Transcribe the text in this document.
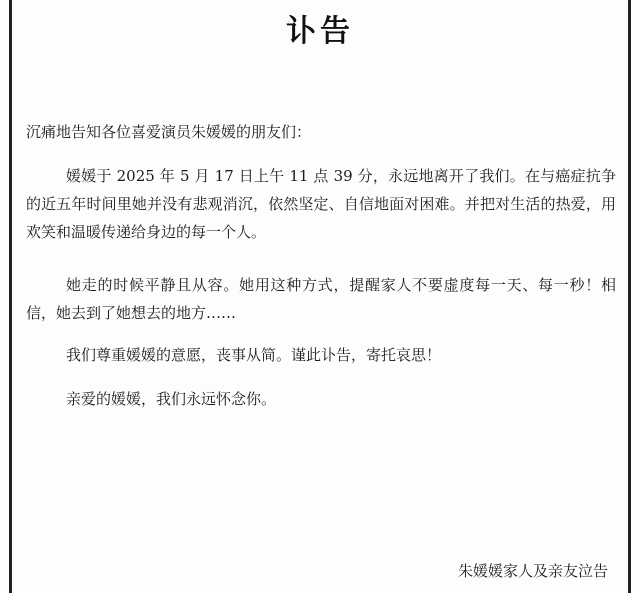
讣告
沉痛地告知各位喜爱演员朱媛媛的朋友们：
媛媛于 2025 年 5 月 17 日上午 11 点 39 分，永远地离开了我们。在与癌症抗争的近五年时间里她并没有悲观消沉，依然坚定、自信地面对困难。并把对生活的热爱，用欢笑和温暖传递给身边的每一个人。
她走的时候平静且从容。她用这种方式，提醒家人不要虚度每一天、每一秒！相信，她去到了她想去的地方……
我们尊重媛媛的意愿，丧事从简。谨此讣告，寄托哀思！
亲爱的媛媛，我们永远怀念你。
朱媛媛家人及亲友泣告
